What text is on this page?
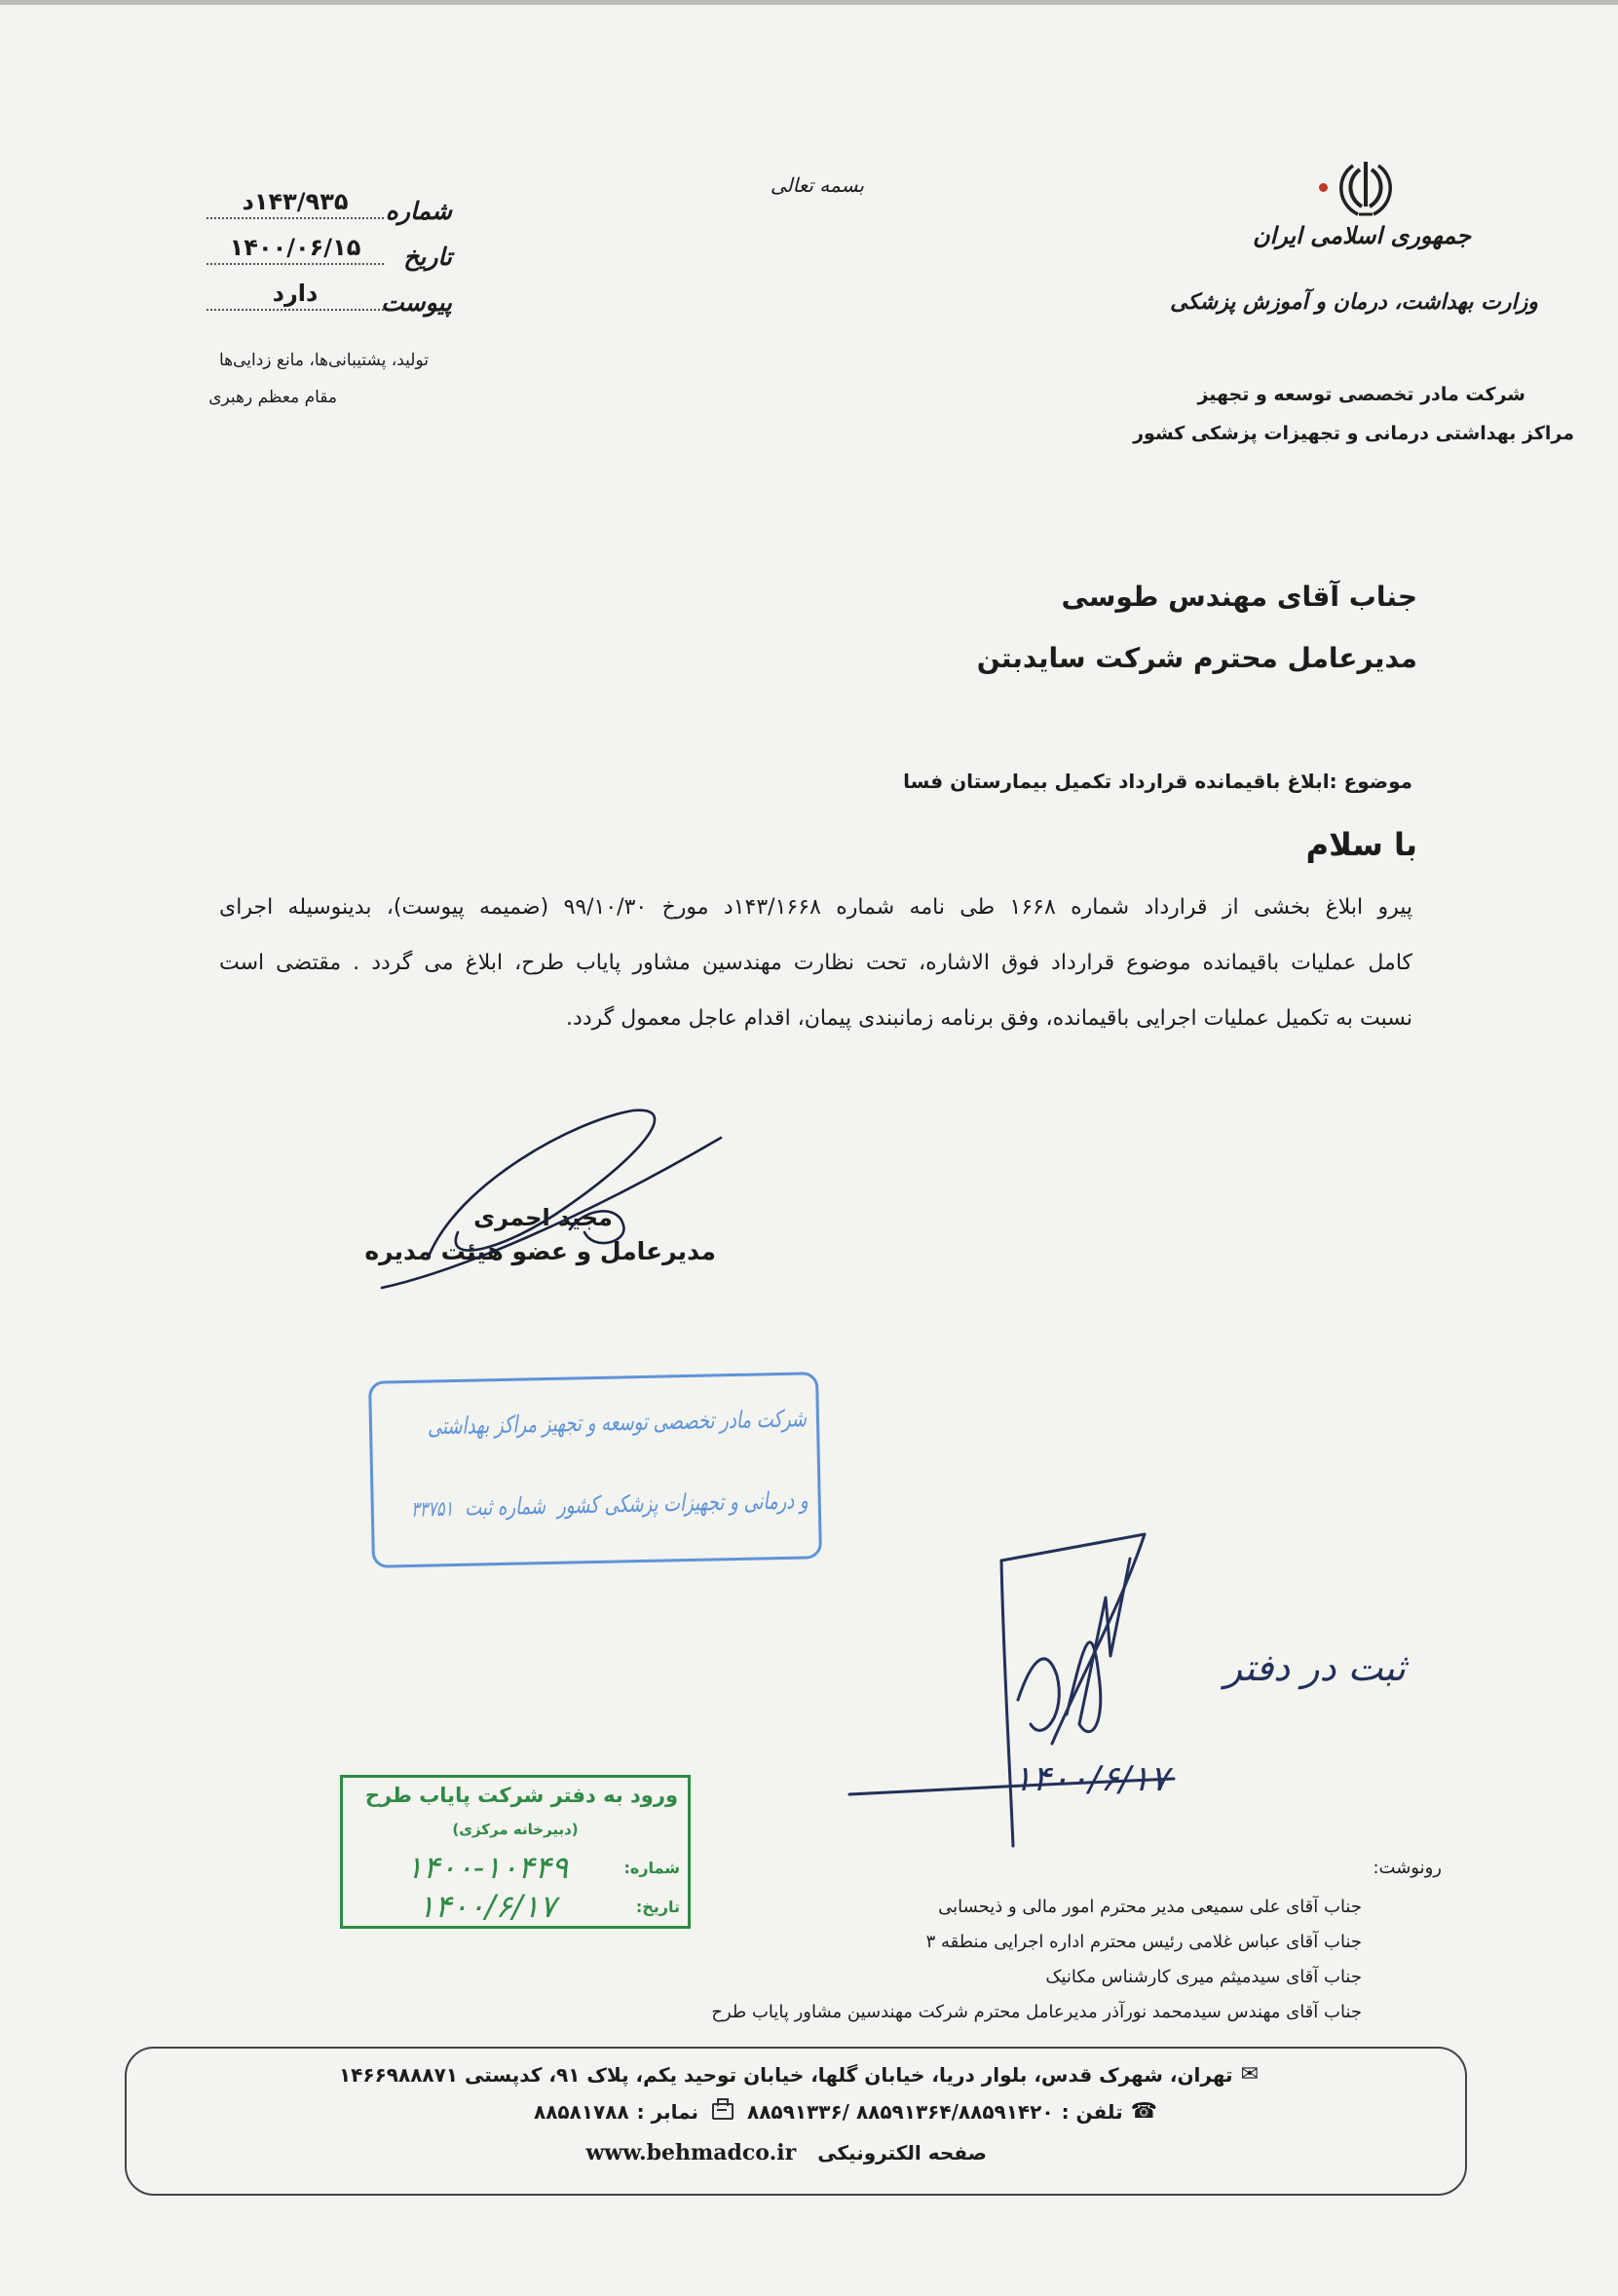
بسمه تعالی
جمهوری اسلامی ایران
وزارت بهداشت، درمان و آموزش پزشکی
شرکت مادر تخصصی توسعه و تجهیز
مراکز بهداشتی درمانی و تجهیزات پزشکی کشور
شماره
۱۴۳/۹۳۵د
تاریخ
۱۴۰۰/۰۶/۱۵
پیوست
دارد
تولید، پشتیبانی‌ها، مانع زدایی‌ها
مقام معظم رهبری
جناب آقای مهندس طوسی
مدیرعامل محترم شرکت سایدبتن
موضوع :ابلاغ باقیمانده قرارداد تکمیل بیمارستان فسا
با سلام
پیرو ابلاغ بخشی از قرارداد شماره ۱۶۶۸ طی نامه شماره ۱۴۳/۱۶۶۸د مورخ ۹۹/۱۰/۳۰ (ضمیمه پیوست)، بدینوسیله اجرای
کامل عملیات باقیمانده موضوع قرارداد فوق الاشاره، تحت نظارت مهندسین مشاور پایاب طرح، ابلاغ می گردد . مقتضی است
نسبت به تکمیل عملیات اجرایی باقیمانده، وفق برنامه زمانبندی پیمان، اقدام عاجل معمول گردد.
مجید احمری
مدیرعامل و عضو هیئت مدیره
شرکت مادر تخصصی توسعه و تجهیز مراکز بهداشتی
و درمانی و تجهیزات پزشکی کشور
شماره ثبت
۳۳۷۵۱
ثبت در دفتر
۱۴۰۰/۶/۱۷
ورود به دفتر شرکت پایاب طرح
(دبیرخانه مرکزی)
شماره:
۱۴۰۰-۱۰۴۴۹
تاریخ:
۱۴۰۰/۶/۱۷
رونوشت:
جناب آقای علی سمیعی مدیر محترم امور مالی و ذیحسابی
جناب آقای عباس غلامی رئیس محترم اداره اجرایی منطقه ۳
جناب آقای سیدمیثم میری کارشناس مکانیک
جناب آقای مهندس سیدمحمد نورآذر مدیرعامل محترم شرکت مهندسین مشاور پایاب طرح
✉
تهران، شهرک قدس، بلوار دریا، خیابان گلها، خیابان توحید یکم، پلاک ۹۱، کدپستی ۱۴۶۶۹۸۸۸۷۱
☎
تلفن :
۸۸۵۹۱۳۳۶/ ۸۸۵۹۱۳۶۴/۸۸۵۹۱۴۲۰
نمابر :
۸۸۵۸۱۷۸۸
صفحه الکترونیکی
www.behmadco.ir
